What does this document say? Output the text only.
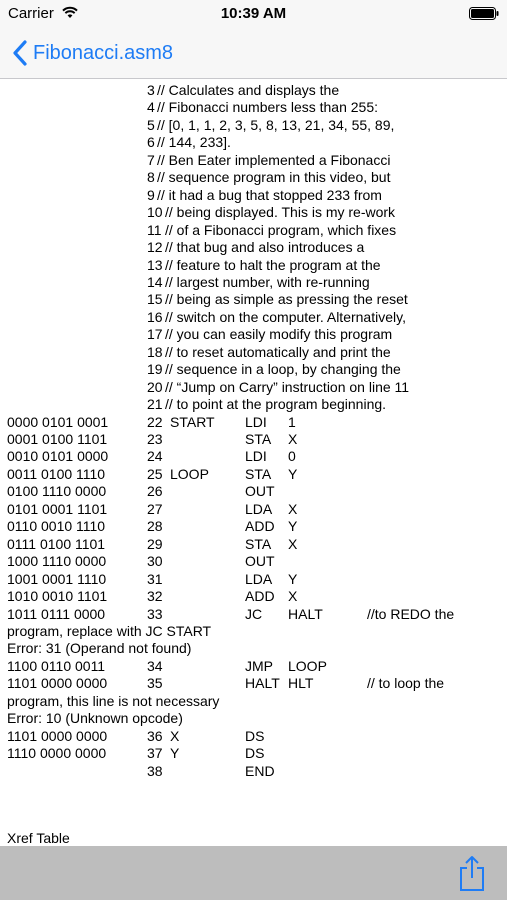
Carrier	10:39 AM
Fibonacci.asm8
3 // Calculates and displays the
4 // Fibonacci numbers less than 255:
5 // [0, 1, 1, 2, 3, 5, 8, 13, 21, 34, 55, 89,
6 // 144, 233].
7 // Ben Eater implemented a Fibonacci
8 // sequence program in this video, but
9 // it had a bug that stopped 233 from
10 // being displayed. This is my re-work
11 // of a Fibonacci program, which fixes
12 // that bug and also introduces a
13 // feature to halt the program at the
14 // largest number, with re-running
15 // being as simple as pressing the reset
16 // switch on the computer. Alternatively,
17 // you can easily modify this program
18 // to reset automatically and print the
19 // sequence in a loop, by changing the
20 // “Jump on Carry” instruction on line 11
21 // to point at the program beginning.
0000 0101 0001	22 START LDI 1
0001 0100 1101	23	STA X
0010 0101 0000	24	LDI 0
0011 0100 1110	25 LOOP	STA Y
0100 1110 0000	26	OUT
0101 0001 1101	27	LDA X
0110 0010 1110	28	ADD Y
0111 0100 1101	29	STA X
1000 1110 0000	30	OUT
1001 0001 1110	31	LDA Y
1010 0010 1101	32	ADD X
1011 0111 0000	33	JC HALT	//to REDO the
program, replace with JC START
Error: 31 (Operand not found)
1100 0110 0011	34	JMP LOOP
1101 0000 0000	35	HALT HLT	// to loop the
program, this line is not necessary
Error: 10 (Unknown opcode)
1101 0000 0000	36 X	DS
1110 0000 0000	37 Y	DS
38	END
Xref Table
